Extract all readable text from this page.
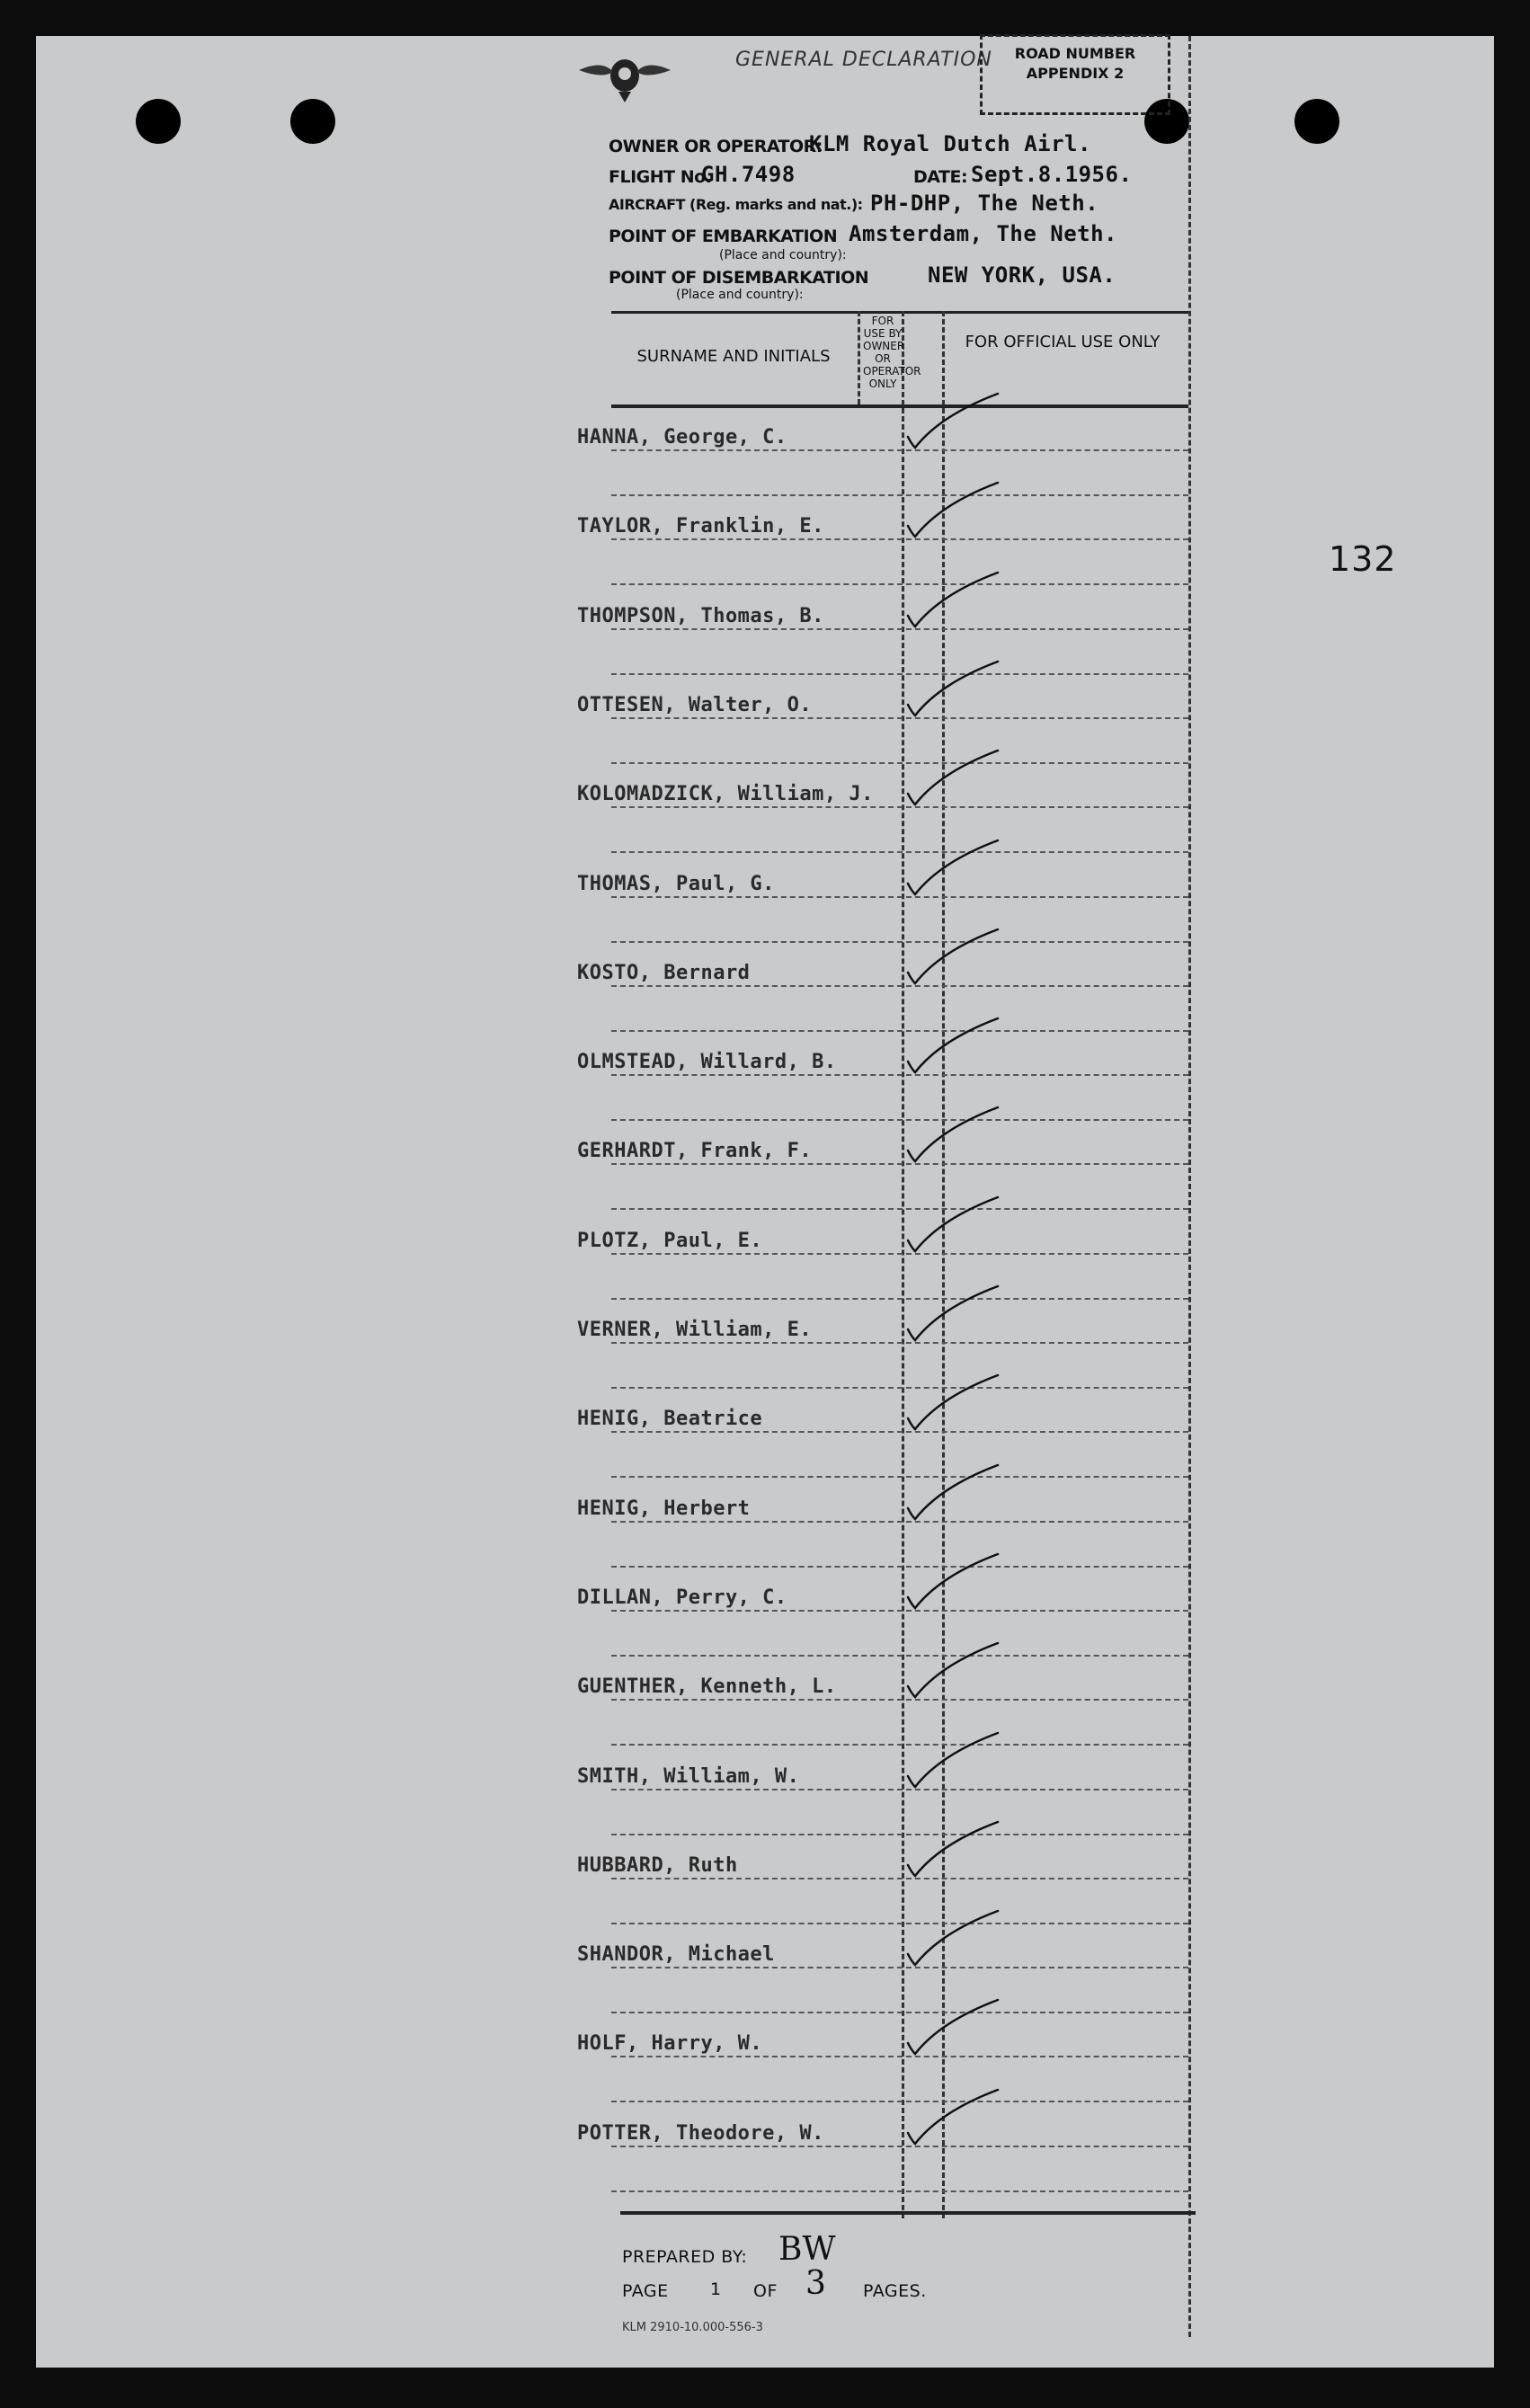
132
GENERAL DECLARATION	ROAD NUMBER
APPENDIX 2
OWNER OR OPERATOR:
KLM Royal Dutch Airl.
FLIGHT No.
GH.7498	DATE: Sept.8.1956.
AIRCRAFT (Reg. marks and nat.): PH-DHP, The Neth.
POINT OF EMBARKATION Amsterdam, The Neth.
(Place and country):
POINT OF DISEMBARKATION	NEW YORK, USA.
(Place and country):
SURNAME AND INITIALS
FOR USE BY OWNER OR OPERATOR ONLY
FOR OFFICIAL USE ONLY
HANNA, George, C.
TAYLOR, Franklin, E.
THOMPSON, Thomas, B.
OTTESEN, Walter, O.
KOLOMADZICK, William, J.
THOMAS, Paul, G.
KOSTO, Bernard
OLMSTEAD, Willard, B.
GERHARDT, Frank, F.
PLOTZ, Paul, E.
VERNER, William, E.
HENIG, Beatrice
HENIG, Herbert
DILLAN, Perry, C.
GUENTHER, Kenneth, L.
SMITH, William, W.
HUBBARD, Ruth
SHANDOR, Michael
HOLF, Harry, W.
POTTER, Theodore, W.
PREPARED BY: BW
PAGE 1 OF 3 PAGES.
KLM 2910-10.000-556-3
